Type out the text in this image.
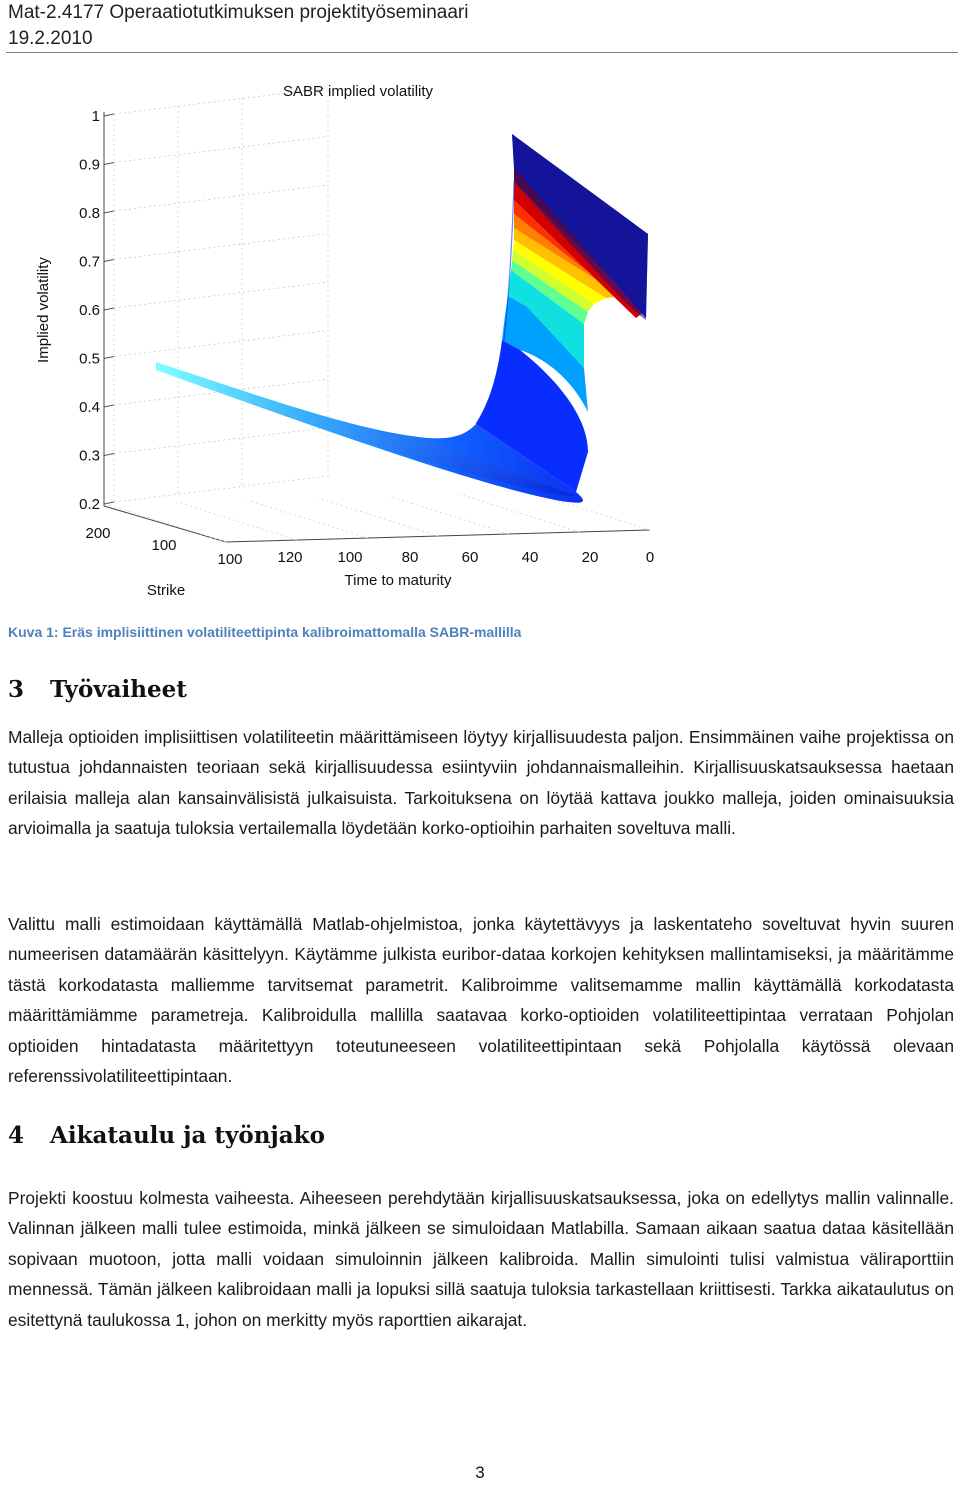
Mat-2.4177 Operaatiotutkimuksen projektityöseminaari
19.2.2010
1
0.9
0.8
0.7
0.6
0.5
0.4
0.3
0.2
120 100	80	60	40	20	0
100
200
100
SABR implied volatility
Implied volatility
Time to maturity
Strike
Kuva 1: Eräs implisiittinen volatiliteettipinta kalibroimattomalla SABR-mallilla
3 Työvaiheet

Malleja optioiden implisiittisen volatiliteetin määrittämiseen löytyy kirjallisuudesta paljon. Ensimmäinen vaihe projektissa on tutustua johdannaisten teoriaan sekä kirjallisuudessa esiintyviin johdannaismalleihin. Kirjallisuuskatsauksessa haetaan erilaisia malleja alan kansainvälisistä julkaisuista. Tarkoituksena on löytää kattava joukko malleja, joiden ominaisuuksia arvioimalla ja saatuja tuloksia vertailemalla löydetään korko-optioihin parhaiten soveltuva malli.

Valittu malli estimoidaan käyttämällä Matlab-ohjelmistoa, jonka käytettävyys ja laskentateho soveltuvat hyvin suuren numeerisen datamäärän käsittelyyn. Käytämme julkista euribor-dataa korkojen kehityksen mallintamiseksi, ja määritämme tästä korkodatasta malliemme tarvitsemat parametrit. Kalibroimme valitsemamme mallin käyttämällä korkodatasta määrittämiämme parametreja. Kalibroidulla mallilla saatavaa korko-optioiden volatiliteettipintaa verrataan Pohjolan optioiden hintadatasta määritettyyn toteutuneeseen volatiliteettipintaan sekä Pohjolalla käytössä olevaan referenssivolatiliteettipintaan.

4 Aikataulu ja työnjako

Projekti koostuu kolmesta vaiheesta. Aiheeseen perehdytään kirjallisuuskatsauksessa, joka on edellytys mallin valinnalle. Valinnan jälkeen malli tulee estimoida, minkä jälkeen se simuloidaan Matlabilla. Samaan aikaan saatua dataa käsitellään sopivaan muotoon, jotta malli voidaan simuloinnin jälkeen kalibroida. Mallin simulointi tulisi valmistua väliraporttiin mennessä. Tämän jälkeen kalibroidaan malli ja lopuksi sillä saatuja tuloksia tarkastellaan kriittisesti. Tarkka aikataulutus on esitettynä taulukossa 1, johon on merkitty myös raporttien aikarajat.

3
